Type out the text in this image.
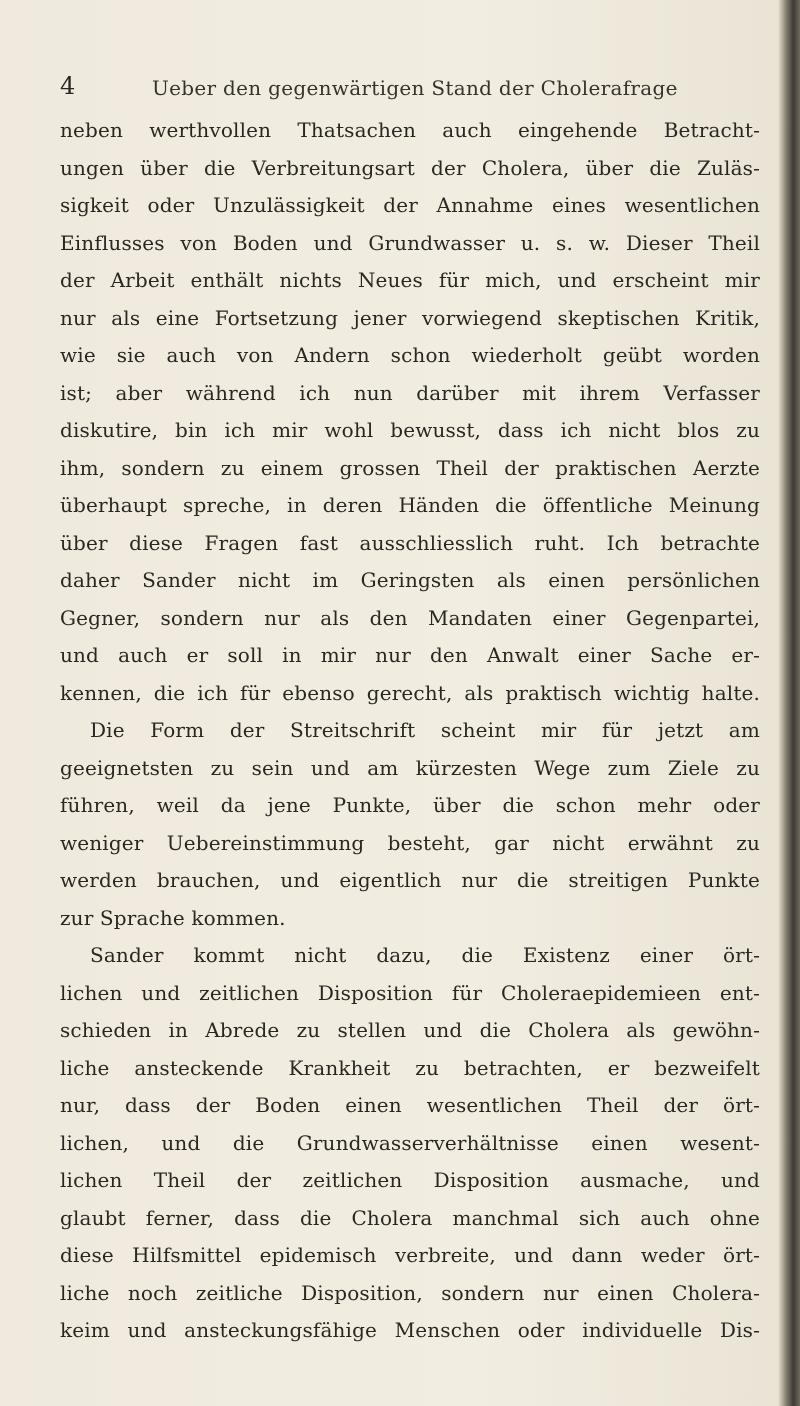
4	Ueber den gegenwärtigen Stand der Cholerafrage
neben werthvollen Thatsachen auch eingehende Betracht-
ungen über die Verbreitungsart der Cholera, über die Zuläs-
sigkeit oder Unzulässigkeit der Annahme eines wesentlichen
Einflusses von Boden und Grundwasser u. s. w. Dieser Theil
der Arbeit enthält nichts Neues für mich, und erscheint mir
nur als eine Fortsetzung jener vorwiegend skeptischen Kritik,
wie sie auch von Andern schon wiederholt geübt worden
ist; aber während ich nun darüber mit ihrem Verfasser
diskutire, bin ich mir wohl bewusst, dass ich nicht blos zu
ihm, sondern zu einem grossen Theil der praktischen Aerzte
überhaupt spreche, in deren Händen die öffentliche Meinung
über diese Fragen fast ausschliesslich ruht. Ich betrachte
daher Sander nicht im Geringsten als einen persönlichen
Gegner, sondern nur als den Mandaten einer Gegenpartei,
und auch er soll in mir nur den Anwalt einer Sache er-
kennen, die ich für ebenso gerecht, als praktisch wichtig halte.
Die Form der Streitschrift scheint mir für jetzt am
geeignetsten zu sein und am kürzesten Wege zum Ziele zu
führen, weil da jene Punkte, über die schon mehr oder
weniger Uebereinstimmung besteht, gar nicht erwähnt zu
werden brauchen, und eigentlich nur die streitigen Punkte
zur Sprache kommen.
Sander kommt nicht dazu, die Existenz einer ört-
lichen und zeitlichen Disposition für Choleraepidemieen ent-
schieden in Abrede zu stellen und die Cholera als gewöhn-
liche ansteckende Krankheit zu betrachten, er bezweifelt
nur, dass der Boden einen wesentlichen Theil der ört-
lichen, und die Grundwasserverhältnisse einen wesent-
lichen Theil der zeitlichen Disposition ausmache, und
glaubt ferner, dass die Cholera manchmal sich auch ohne
diese Hilfsmittel epidemisch verbreite, und dann weder ört-
liche noch zeitliche Disposition, sondern nur einen Cholera-
keim und ansteckungsfähige Menschen oder individuelle Dis-
